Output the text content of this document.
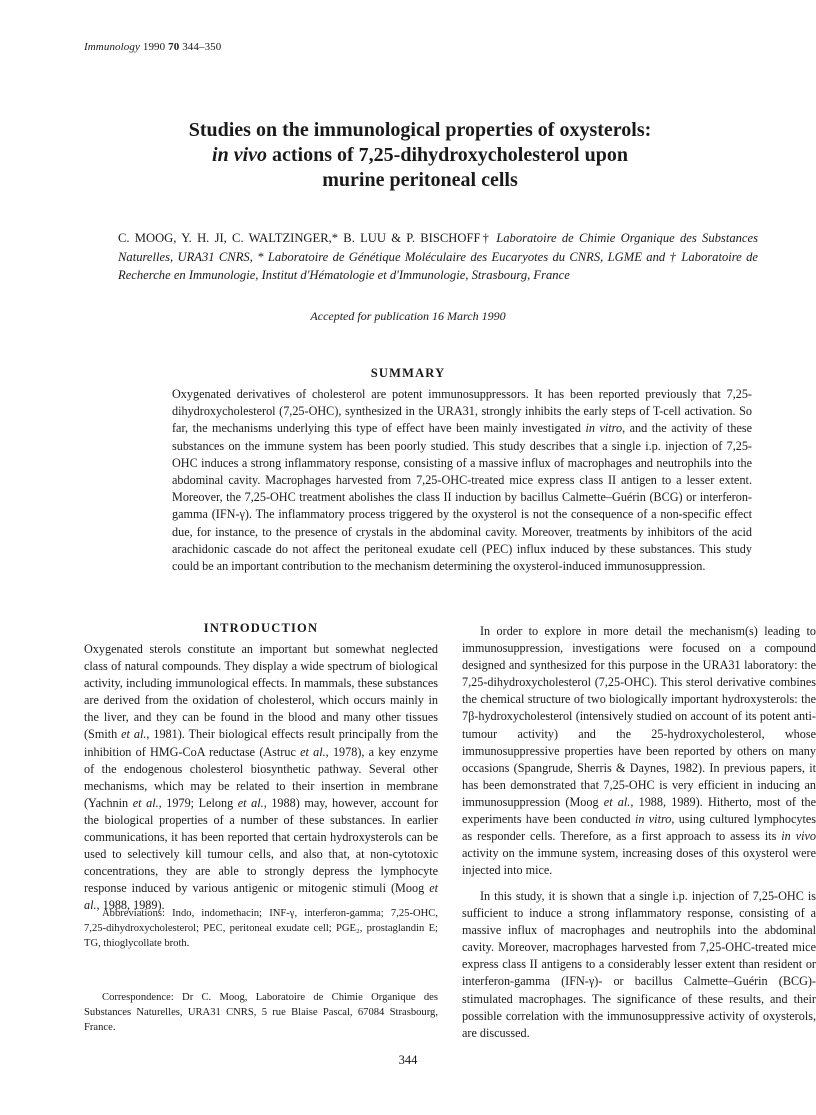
Immunology 1990 70 344–350
Studies on the immunological properties of oxysterols:
in vivo actions of 7,25-dihydroxycholesterol upon
murine peritoneal cells
C. MOOG, Y. H. JI, C. WALTZINGER,* B. LUU & P. BISCHOFF† Laboratoire de Chimie Organique des Substances Naturelles, URA31 CNRS, * Laboratoire de Génétique Moléculaire des Eucaryotes du CNRS, LGME and † Laboratoire de Recherche en Immunologie, Institut d'Hématologie et d'Immunologie, Strasbourg, France
Accepted for publication 16 March 1990
SUMMARY
Oxygenated derivatives of cholesterol are potent immunosuppressors. It has been reported previously that 7,25-dihydroxycholesterol (7,25-OHC), synthesized in the URA31, strongly inhibits the early steps of T-cell activation. So far, the mechanisms underlying this type of effect have been mainly investigated in vitro, and the activity of these substances on the immune system has been poorly studied. This study describes that a single i.p. injection of 7,25-OHC induces a strong inflammatory response, consisting of a massive influx of macrophages and neutrophils into the abdominal cavity. Macrophages harvested from 7,25-OHC-treated mice express class II antigen to a lesser extent. Moreover, the 7,25-OHC treatment abolishes the class II induction by bacillus Calmette–Guérin (BCG) or interferon-gamma (IFN-γ). The inflammatory process triggered by the oxysterol is not the consequence of a non-specific effect due, for instance, to the presence of crystals in the abdominal cavity. Moreover, treatments by inhibitors of the acid arachidonic cascade do not affect the peritoneal exudate cell (PEC) influx induced by these substances. This study could be an important contribution to the mechanism determining the oxysterol-induced immunosuppression.
INTRODUCTION

Oxygenated sterols constitute an important but somewhat neglected class of natural compounds. They display a wide spectrum of biological activity, including immunological effects. In mammals, these substances are derived from the oxidation of cholesterol, which occurs mainly in the liver, and they can be found in the blood and many other tissues (Smith et al., 1981). Their biological effects result principally from the inhibition of HMG-CoA reductase (Astruc et al., 1978), a key enzyme of the endogenous cholesterol biosynthetic pathway. Several other mechanisms, which may be related to their insertion in membrane (Yachnin et al., 1979; Lelong et al., 1988) may, however, account for the biological properties of a number of these substances. In earlier communications, it has been reported that certain hydroxysterols can be used to selectively kill tumour cells, and also that, at non-cytotoxic concentrations, they are able to strongly depress the lymphocyte response induced by various antigenic or mitogenic stimuli (Moog et al., 1988, 1989).

Abbreviations: Indo, indomethacin; INF-γ, interferon-gamma; 7,25-OHC, 7,25-dihydroxycholesterol; PEC, peritoneal exudate cell; PGE₂, prostaglandin E; TG, thioglycollate broth.

Correspondence: Dr C. Moog, Laboratoire de Chimie Organique des Substances Naturelles, URA31 CNRS, 5 rue Blaise Pascal, 67084 Strasbourg, France.

In order to explore in more detail the mechanism(s) leading to immunosuppression, investigations were focused on a compound designed and synthesized for this purpose in the URA31 laboratory: the 7,25-dihydroxycholesterol (7,25-OHC). This sterol derivative combines the chemical structure of two biologically important hydroxysterols: the 7β-hydroxycholesterol (intensively studied on account of its potent anti-tumour activity) and the 25-hydroxycholesterol, whose immunosuppressive properties have been reported by others on many occasions (Spangrude, Sherris & Daynes, 1982). In previous papers, it has been demonstrated that 7,25-OHC is very efficient in inducing an immunosuppression (Moog et al., 1988, 1989). Hitherto, most of the experiments have been conducted in vitro, using cultured lymphocytes as responder cells. Therefore, as a first approach to assess its in vivo activity on the immune system, increasing doses of this oxysterol were injected into mice.

In this study, it is shown that a single i.p. injection of 7,25-OHC is sufficient to induce a strong inflammatory response, consisting of a massive influx of macrophages and neutrophils into the abdominal cavity. Moreover, macrophages harvested from 7,25-OHC-treated mice express class II antigens to a considerably lesser extent than resident or interferon-gamma (IFN-γ)- or bacillus Calmette–Guérin (BCG)-stimulated macrophages. The significance of these results, and their possible correlation with the immunosuppressive activity of oxysterols, are discussed.

344
